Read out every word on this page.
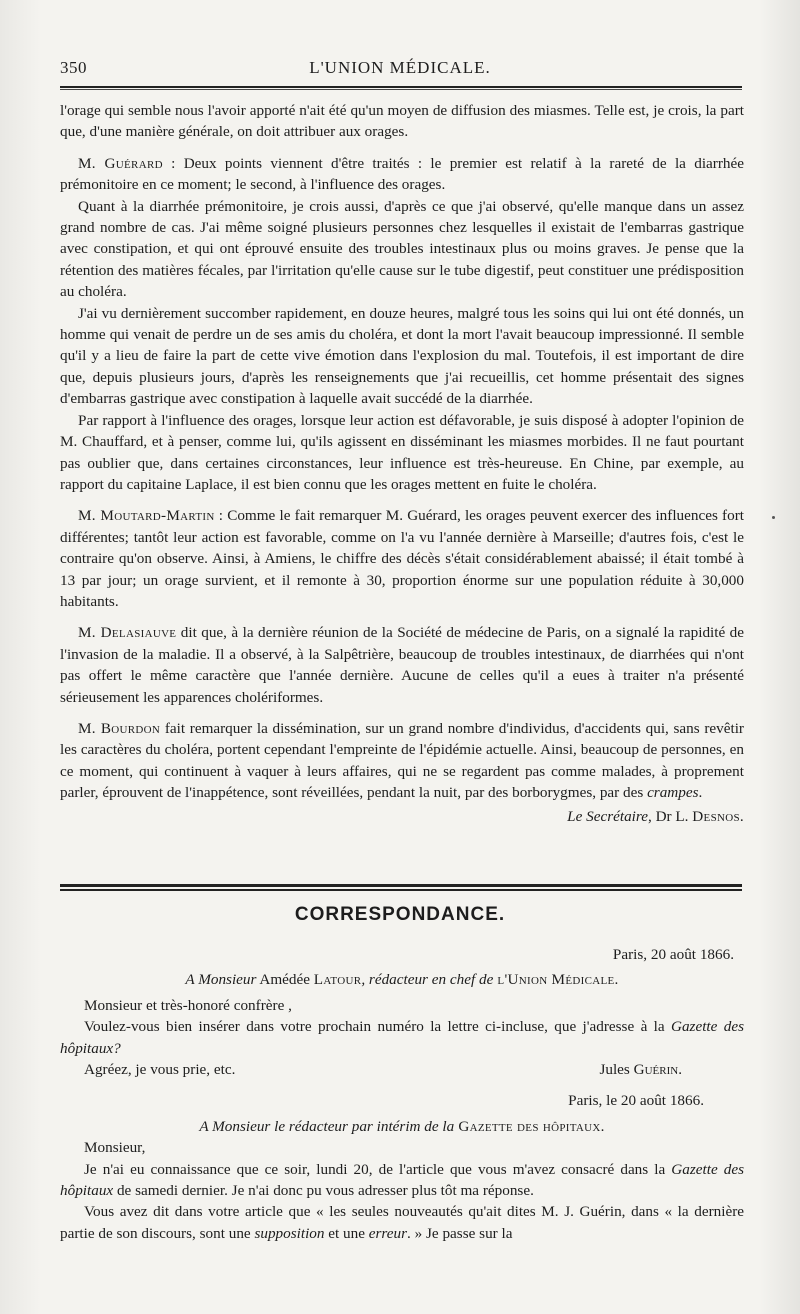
350	L'UNION MÉDICALE.

l'orage qui semble nous l'avoir apporté n'ait été qu'un moyen de diffusion des miasmes. Telle est, je crois, la part que, d'une manière générale, on doit attribuer aux orages.

M. Guérard : Deux points viennent d'être traités : le premier est relatif à la rareté de la diarrhée prémonitoire en ce moment; le second, à l'influence des orages.

Quant à la diarrhée prémonitoire, je crois aussi, d'après ce que j'ai observé, qu'elle manque dans un assez grand nombre de cas. J'ai même soigné plusieurs personnes chez lesquelles il existait de l'embarras gastrique avec constipation, et qui ont éprouvé ensuite des troubles intestinaux plus ou moins graves. Je pense que la rétention des matières fécales, par l'irritation qu'elle cause sur le tube digestif, peut constituer une prédisposition au choléra.

J'ai vu dernièrement succomber rapidement, en douze heures, malgré tous les soins qui lui ont été donnés, un homme qui venait de perdre un de ses amis du choléra, et dont la mort l'avait beaucoup impressionné. Il semble qu'il y a lieu de faire la part de cette vive émotion dans l'explosion du mal. Toutefois, il est important de dire que, depuis plusieurs jours, d'après les renseignements que j'ai recueillis, cet homme présentait des signes d'embarras gastrique avec constipation à laquelle avait succédé de la diarrhée.

Par rapport à l'influence des orages, lorsque leur action est défavorable, je suis disposé à adopter l'opinion de M. Chauffard, et à penser, comme lui, qu'ils agissent en disséminant les miasmes morbides. Il ne faut pourtant pas oublier que, dans certaines circonstances, leur influence est très-heureuse. En Chine, par exemple, au rapport du capitaine Laplace, il est bien connu que les orages mettent en fuite le choléra.

M. Moutard-Martin : Comme le fait remarquer M. Guérard, les orages peuvent exercer des influences fort différentes; tantôt leur action est favorable, comme on l'a vu l'année dernière à Marseille; d'autres fois, c'est le contraire qu'on observe. Ainsi, à Amiens, le chiffre des décès s'était considérablement abaissé; il était tombé à 13 par jour; un orage survient, et il remonte à 30, proportion énorme sur une population réduite à 30,000 habitants.

M. Delasiauve dit que, à la dernière réunion de la Société de médecine de Paris, on a signalé la rapidité de l'invasion de la maladie. Il a observé, à la Salpêtrière, beaucoup de troubles intestinaux, de diarrhées qui n'ont pas offert le même caractère que l'année dernière. Aucune de celles qu'il a eues à traiter n'a présenté sérieusement les apparences cholériformes.

M. Bourdon fait remarquer la dissémination, sur un grand nombre d'individus, d'accidents qui, sans revêtir les caractères du choléra, portent cependant l'empreinte de l'épidémie actuelle. Ainsi, beaucoup de personnes, en ce moment, qui continuent à vaquer à leurs affaires, qui ne se regardent pas comme malades, à proprement parler, éprouvent de l'inappétence, sont réveillées, pendant la nuit, par des borborygmes, par des crampes.

Le Secrétaire, Dr L. Desnos.

CORRESPONDANCE.

Paris, 20 août 1866.

A Monsieur Amédée Latour, rédacteur en chef de l'Union Médicale.

Monsieur et très-honoré confrère ,

Voulez-vous bien insérer dans votre prochain numéro la lettre ci-incluse, que j'adresse à la Gazette des hôpitaux?

Agréez, je vous prie, etc.	Jules Guérin.

Paris, le 20 août 1866.

A Monsieur le rédacteur par intérim de la Gazette des hôpitaux.

Monsieur,

Je n'ai eu connaissance que ce soir, lundi 20, de l'article que vous m'avez consacré dans la Gazette des hôpitaux de samedi dernier. Je n'ai donc pu vous adresser plus tôt ma réponse.

Vous avez dit dans votre article que « les seules nouveautés qu'ait dites M. J. Guérin, dans « la dernière partie de son discours, sont une supposition et une erreur. » Je passe sur la
